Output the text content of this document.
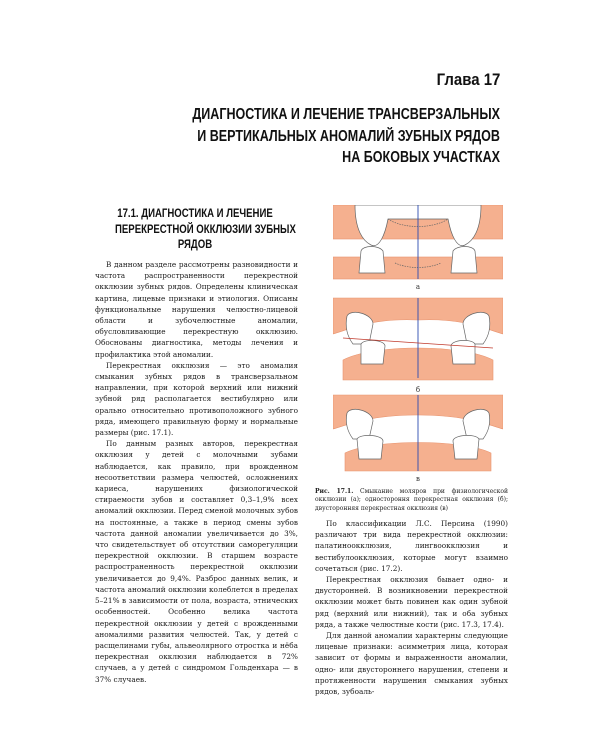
Глава 17
ДИАГНОСТИКА И ЛЕЧЕНИЕ ТРАНСВЕРЗАЛЬНЫХ
И ВЕРТИКАЛЬНЫХ АНОМАЛИЙ ЗУБНЫХ РЯДОВ
НА БОКОВЫХ УЧАСТКАХ
17.1. ДИАГНОСТИКА И ЛЕЧЕНИЕ
ПЕРЕКРЕСТНОЙ ОККЛЮЗИИ ЗУБНЫХ
РЯДОВ

В данном разделе рассмотрены разновидности и частота распространенности перекрестной окклюзии зубных рядов. Определены клиническая картина, лицевые признаки и этиология. Описаны функциональные нарушения челюстно-лицевой области и зубочелюстные аномалии, обусловливающие перекрестную окклюзию. Обоснованы диагностика, методы лечения и профилактика этой аномалии.

Перекрестная окклюзия — это аномалия смыкания зубных рядов в трансверзальном направлении, при которой верхний или нижний зубной ряд располагается вестибулярно или орально относительно противоположного зубного ряда, имеющего правильную форму и нормальные размеры (рис. 17.1).

По данным разных авторов, перекрестная окклюзия у детей с молочными зубами наблюдается, как правило, при врожденном несоответствии размера челюстей, осложнениях кариеса, нарушениях физиологической стираемости зубов и составляет 0,3–1,9% всех аномалий окклюзии. Перед сменой молочных зубов на постоянные, а также в период смены зубов частота данной аномалии увеличивается до 3%, что свидетельствует об отсутствии саморегуляции перекрестной окклюзии. В старшем возрасте распространенность перекрестной окклюзии увеличивается до 9,4%. Разброс данных велик, и частота аномалий окклюзии колеблется в пределах 5–21% в зависимости от пола, возраста, этнических особенностей. Особенно велика частота перекрестной окклюзии у детей с врожденными аномалиями развития челюстей. Так, у детей с расщелинами губы, альвеолярного отростка и нёба перекрестная окклюзия наблюдается в 72% случаев, а у детей с синдромом Гольденхара — в 37% случаев.

а
б
в
Рис. 17.1. Смыкание моляров при физиологической окклюзии (а); одностороння перекрестная окклюзия (б); двусторонняя перекрестная окклюзия (в)

По классификации Л.С. Персина (1990) различают три вида перекрестной окклюзии: палатиноокклюзия, лингвоокклюзия и вестибулоокклюзия, которые могут взаимно сочетаться (рис. 17.2).

Перекрестная окклюзия бывает одно- и двусторонней. В возникновении перекрестной окклюзии может быть повинен как один зубной ряд (верхний или нижний), так и оба зубных ряда, а также челюстные кости (рис. 17.3, 17.4).

Для данной аномалии характерны следующие лицевые признаки: асимметрия лица, которая зависит от формы и выраженности аномалии, одно- или двустороннего нарушения, степени и протяженности нарушения смыкания зубных рядов, зубоаль-
